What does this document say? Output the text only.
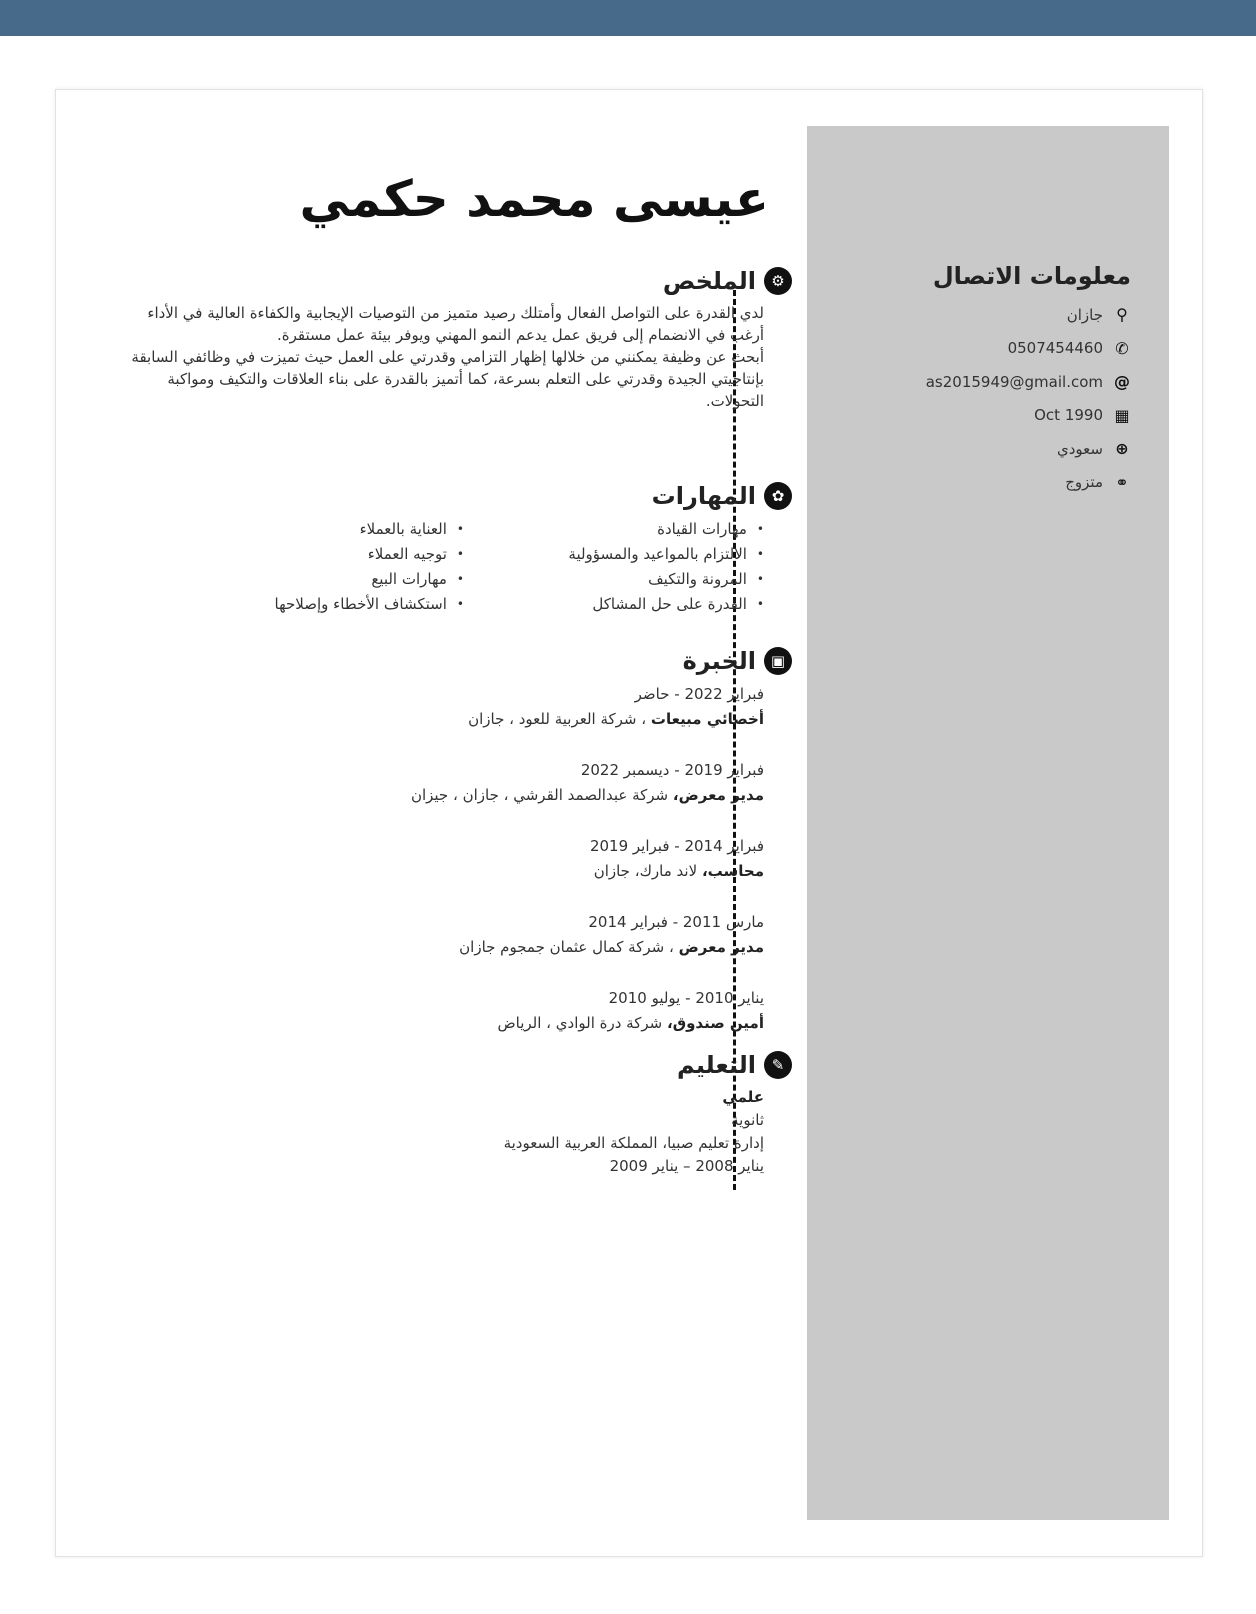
معلومات الاتصال
⚲
جازان
✆
0507454460
@
as2015949@gmail.com
▦
Oct 1990
⊕
سعودي
⚭
متزوج
عيسى محمد حكمي
⚙
الملخص

لدي القدرة على التواصل الفعال وأمتلك رصيد متميز من التوصيات الإيجابية والكفاءة العالية في الأداء أرغب في الانضمام إلى فريق عمل يدعم النمو المهني ويوفر بيئة عمل مستقرة.

أبحث عن وظيفة يمكنني من خلالها إظهار التزامي وقدرتي على العمل حيث تميزت في وظائفي السابقة بإنتاجيتي الجيدة وقدرتي على التعلم بسرعة، كما أتميز بالقدرة على بناء العلاقات والتكيف ومواكبة التحولات.

✿
المهارات
•
مهارات القيادة
•
الالتزام بالمواعيد والمسؤولية
•
المرونة والتكيف
•
القدرة على حل المشاكل
•
العناية بالعملاء
•
توجيه العملاء
•
مهارات البيع
•
استكشاف الأخطاء وإصلاحها
▣
الخبرة
فبراير 2022 - حاضر
أخصائي مبيعات ، شركة العربية للعود ، جازان
فبراير 2019 - ديسمبر 2022
مدير معرض، شركة عبدالصمد القرشي ، جازان ، جيزان
فبراير 2014 - فبراير 2019
محاسب، لاند مارك، جازان
مارس 2011 - فبراير 2014
مدير معرض ، شركة كمال عثمان جمجوم جازان
يناير 2010 - يوليو 2010
أمين صندوق، شركة درة الوادي ، الرياض
✎
التعليم
علمي
ثانوية
إدارة تعليم صبيا، المملكة العربية السعودية
يناير 2008 – يناير 2009
